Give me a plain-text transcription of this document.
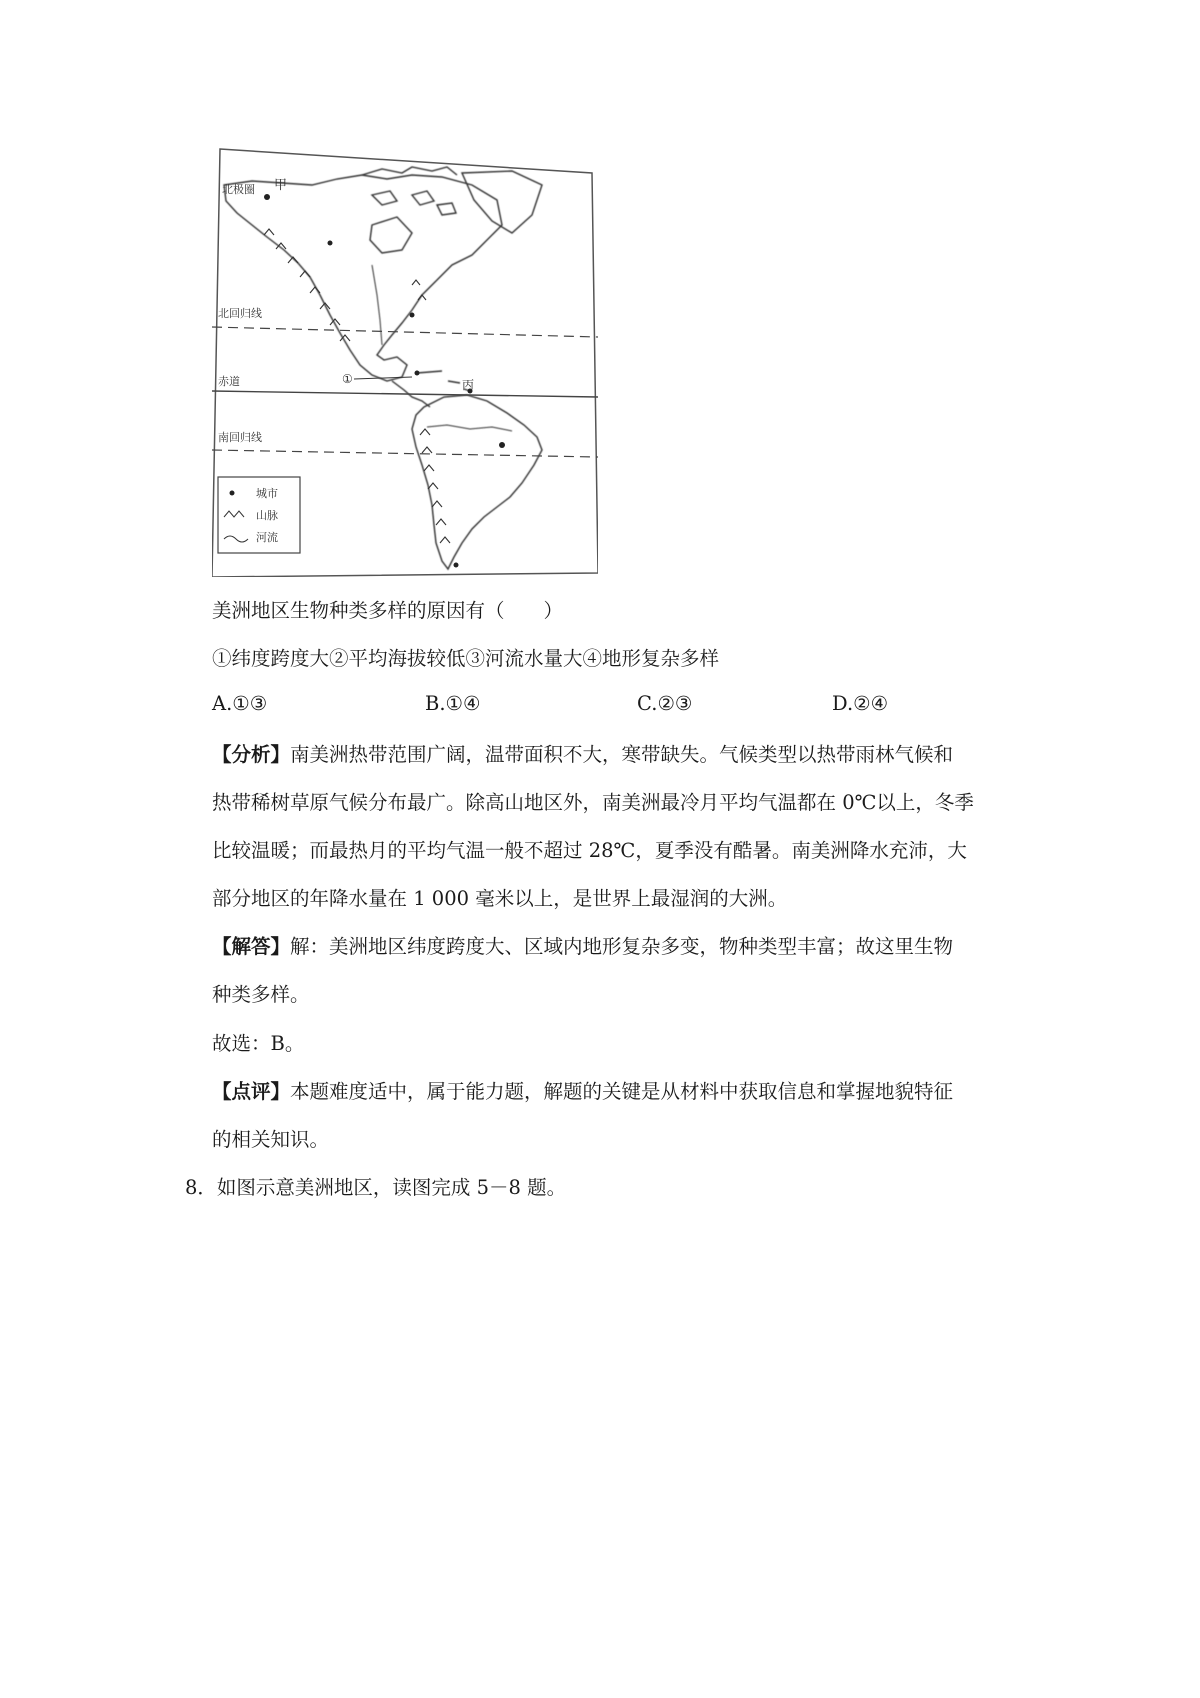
北极圈 甲
北回归线
赤道
南回归线
①	丙
城市
山脉
河流
美洲地区生物种类多样的原因有（　　）
①纬度跨度大②平均海拔较低③河流水量大④地形复杂多样
A.①③	B.①④	C.②③	D.②④
【分析】南美洲热带范围广阔，温带面积不大，寒带缺失。气候类型以热带雨林气候和
热带稀树草原气候分布最广。除高山地区外，南美洲最冷月平均气温都在 0℃以上，冬季
比较温暖；而最热月的平均气温一般不超过 28℃，夏季没有酷暑。南美洲降水充沛，大
部分地区的年降水量在 1 000 毫米以上，是世界上最湿润的大洲。
【解答】解：美洲地区纬度跨度大、区域内地形复杂多变，物种类型丰富；故这里生物
种类多样。
故选：B。
【点评】本题难度适中，属于能力题，解题的关键是从材料中获取信息和掌握地貌特征
的相关知识。
8．如图示意美洲地区，读图完成 5－8 题。
